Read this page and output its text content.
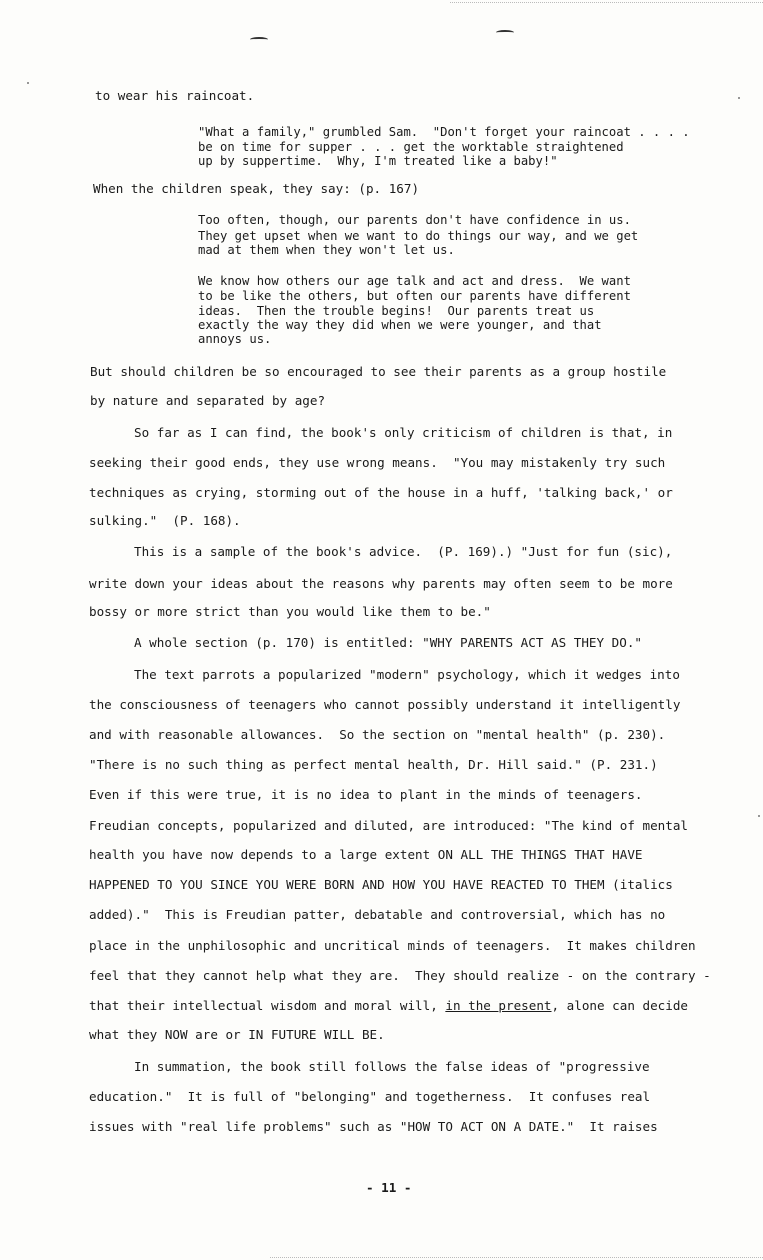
to wear his raincoat.
"What a family," grumbled Sam.  "Don't forget your raincoat . . . .
be on time for supper . . . get the worktable straightened
up by suppertime.  Why, I'm treated like a baby!"
When the children speak, they say: (p. 167)
Too often, though, our parents don't have confidence in us.
They get upset when we want to do things our way, and we get
mad at them when they won't let us.
We know how others our age talk and act and dress.  We want
to be like the others, but often our parents have different
ideas.  Then the trouble begins!  Our parents treat us
exactly the way they did when we were younger, and that
annoys us.
But should children be so encouraged to see their parents as a group hostile
by nature and separated by age?
So far as I can find, the book's only criticism of children is that, in
seeking their good ends, they use wrong means.  "You may mistakenly try such
techniques as crying, storming out of the house in a huff, 'talking back,' or
sulking."  (P. 168).
This is a sample of the book's advice.  (P. 169).) "Just for fun (sic),
write down your ideas about the reasons why parents may often seem to be more
bossy or more strict than you would like them to be."
A whole section (p. 170) is entitled: "WHY PARENTS ACT AS THEY DO."
The text parrots a popularized "modern" psychology, which it wedges into
the consciousness of teenagers who cannot possibly understand it intelligently
and with reasonable allowances.  So the section on "mental health" (p. 230).
"There is no such thing as perfect mental health, Dr. Hill said." (P. 231.)
Even if this were true, it is no idea to plant in the minds of teenagers.
Freudian concepts, popularized and diluted, are introduced: "The kind of mental
health you have now depends to a large extent ON ALL THE THINGS THAT HAVE
HAPPENED TO YOU SINCE YOU WERE BORN AND HOW YOU HAVE REACTED TO THEM (italics
added)."  This is Freudian patter, debatable and controversial, which has no
place in the unphilosophic and uncritical minds of teenagers.  It makes children
feel that they cannot help what they are.  They should realize - on the contrary -
that their intellectual wisdom and moral will, in the present, alone can decide
what they NOW are or IN FUTURE WILL BE.
In summation, the book still follows the false ideas of "progressive
education."  It is full of "belonging" and togetherness.  It confuses real
issues with "real life problems" such as "HOW TO ACT ON A DATE."  It raises
- 11 -
